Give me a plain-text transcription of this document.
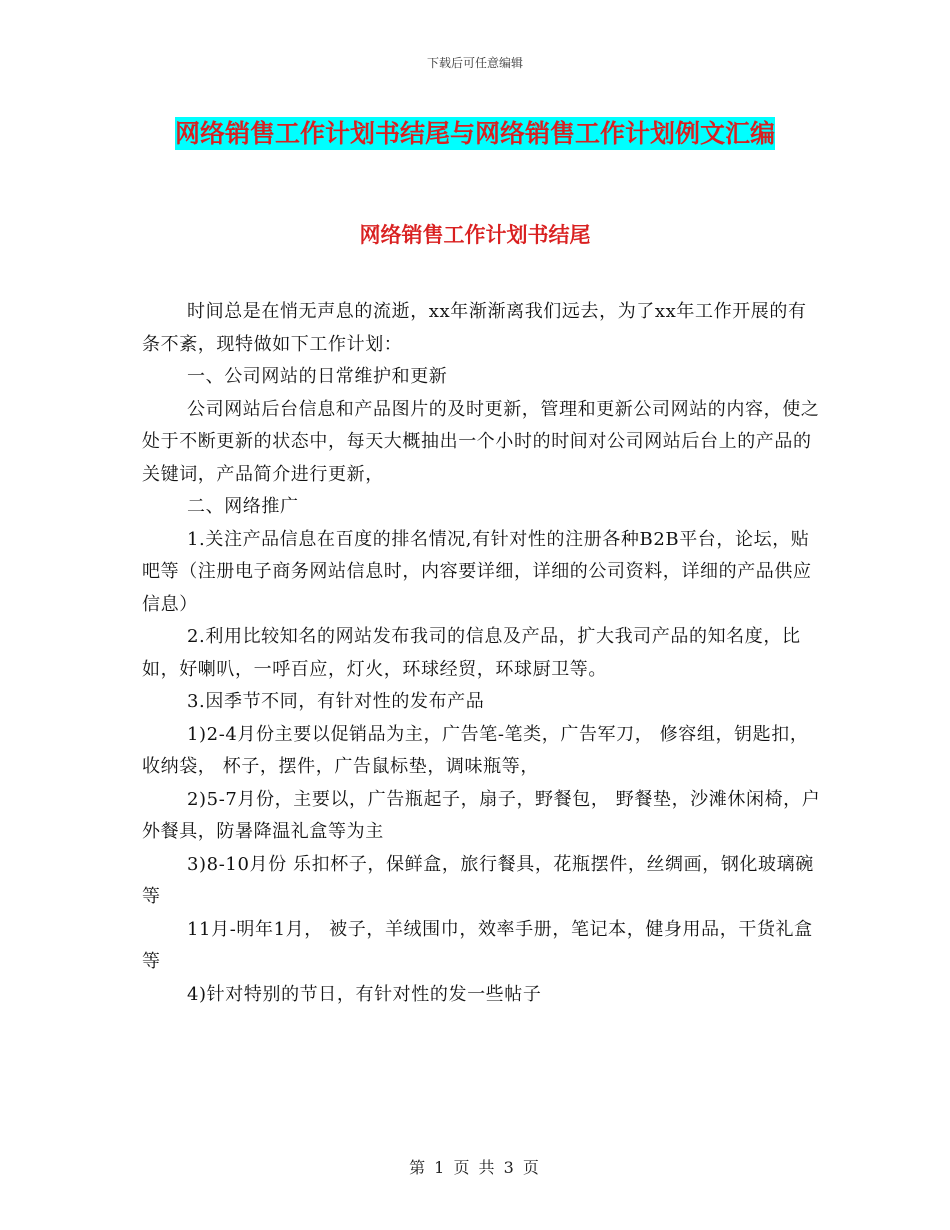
下载后可任意编辑
网络销售工作计划书结尾与网络销售工作计划例文汇编
网络销售工作计划书结尾

时间总是在悄无声息的流逝，xx年渐渐离我们远去，为了xx年工作开展的有条不紊，现特做如下工作计划：

一、公司网站的日常维护和更新

公司网站后台信息和产品图片的及时更新，管理和更新公司网站的内容，使之处于不断更新的状态中，每天大概抽出一个小时的时间对公司网站后台上的产品的关键词，产品简介进行更新，

二、网络推广

1.关注产品信息在百度的排名情况,有针对性的注册各种B2B平台，论坛，贴吧等（注册电子商务网站信息时，内容要详细，详细的公司资料，详细的产品供应信息）

2.利用比较知名的网站发布我司的信息及产品，扩大我司产品的知名度，比如，好喇叭，一呼百应，灯火，环球经贸，环球厨卫等。

3.因季节不同，有针对性的发布产品

1)2-4月份主要以促销品为主，广告笔-笔类，广告军刀， 修容组，钥匙扣，收纳袋， 杯子，摆件，广告鼠标垫，调味瓶等，

2)5-7月份，主要以，广告瓶起子，扇子，野餐包， 野餐垫，沙滩休闲椅，户外餐具，防暑降温礼盒等为主

3)8-10月份 乐扣杯子，保鲜盒，旅行餐具，花瓶摆件，丝绸画，钢化玻璃碗等

11月-明年1月， 被子，羊绒围巾，效率手册，笔记本，健身用品，干货礼盒等

4)针对特别的节日，有针对性的发一些帖子

第 1 页 共 3 页
